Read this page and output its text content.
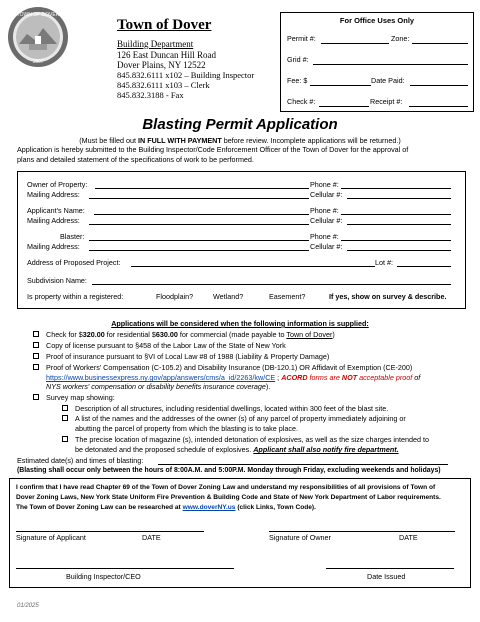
TOWN OF DOVER
1807
Town of Dover
Building Department
126 East Duncan Hill Road
Dover Plains, NY 12522
845.832.6111 x102 – Building Inspector
845.832.6111 x103 – Clerk
845.832.3188 - Fax
For Office Uses Only
Permit #:	Zone:
Grid #:
Fee: $	Date Paid:
Check #:	Receipt #:
Blasting Permit Application
(Must be filled out IN FULL WITH PAYMENT before review. Incomplete applications will be returned.)
Application is hereby submitted to the Building Inspector/Code Enforcement Officer of the Town of Dover for the approval of
plans and detailed statement of the specifications of work to be performed.
Owner of Property:	Phone #:
Mailing Address:	Cellular #:
Applicant’s Name:	Phone #:
Mailing Address:	Cellular #:
Blaster:	Phone #:
Mailing Address:	Cellular #:
Address of Proposed Project:	Lot #:
Subdivision Name:
Is property within a registered:	Floodplain?	Wetland?	Easement?	If yes, show on survey & describe.
Applications will be considered when the following information is supplied:
Check for $320.00 for residential $630.00 for commercial (made payable to Town of Dover)
Copy of license pursuant to §458 of the Labor Law of the State of New York
Proof of insurance pursuant to §VI of Local Law #8 of 1988 (Liability & Property Damage)
Proof of Workers' Compensation (C-105.2) and Disability Insurance (DB-120.1) OR Affidavit of Exemption (CE-200)
https://www.businessexpress.ny.gov/app/answers/cms/a_id/2263/kw/CE ; ACORD forms are NOT acceptable proof of
NYS workers' compensation or disability benefits insurance coverage).
Survey map showing:
Description of all structures, including residential dwellings, located within 300 feet of the blast site.
A list of the names and the addresses of the owner (s) of any parcel of property immediately adjoining or
abutting the parcel of property from which the blasting is to take place.
The precise location of magazine (s), intended detonation of explosives, as well as the size charges intended to
be detonated and the proposed schedule of explosives. Applicant shall also notify fire department.
Estimated date(s) and times of blasting:
(Blasting shall occur only between the hours of 8:00A.M. and 5:00P.M. Monday through Friday, excluding weekends and holidays)
I confirm that I have read Chapter 69 of the Town of Dover Zoning Law and understand my responsibilities of all provisions of Town of
Dover Zoning Laws, New York State Uniform Fire Prevention & Building Code and State of New York Department of Labor requirements.
The Town of Dover Zoning Law can be researched at www.doverNY.us (click Links, Town Code).
Signature of Applicant	DATE	Signature of Owner	DATE
Building Inspector/CEO	Date Issued
01/2025
